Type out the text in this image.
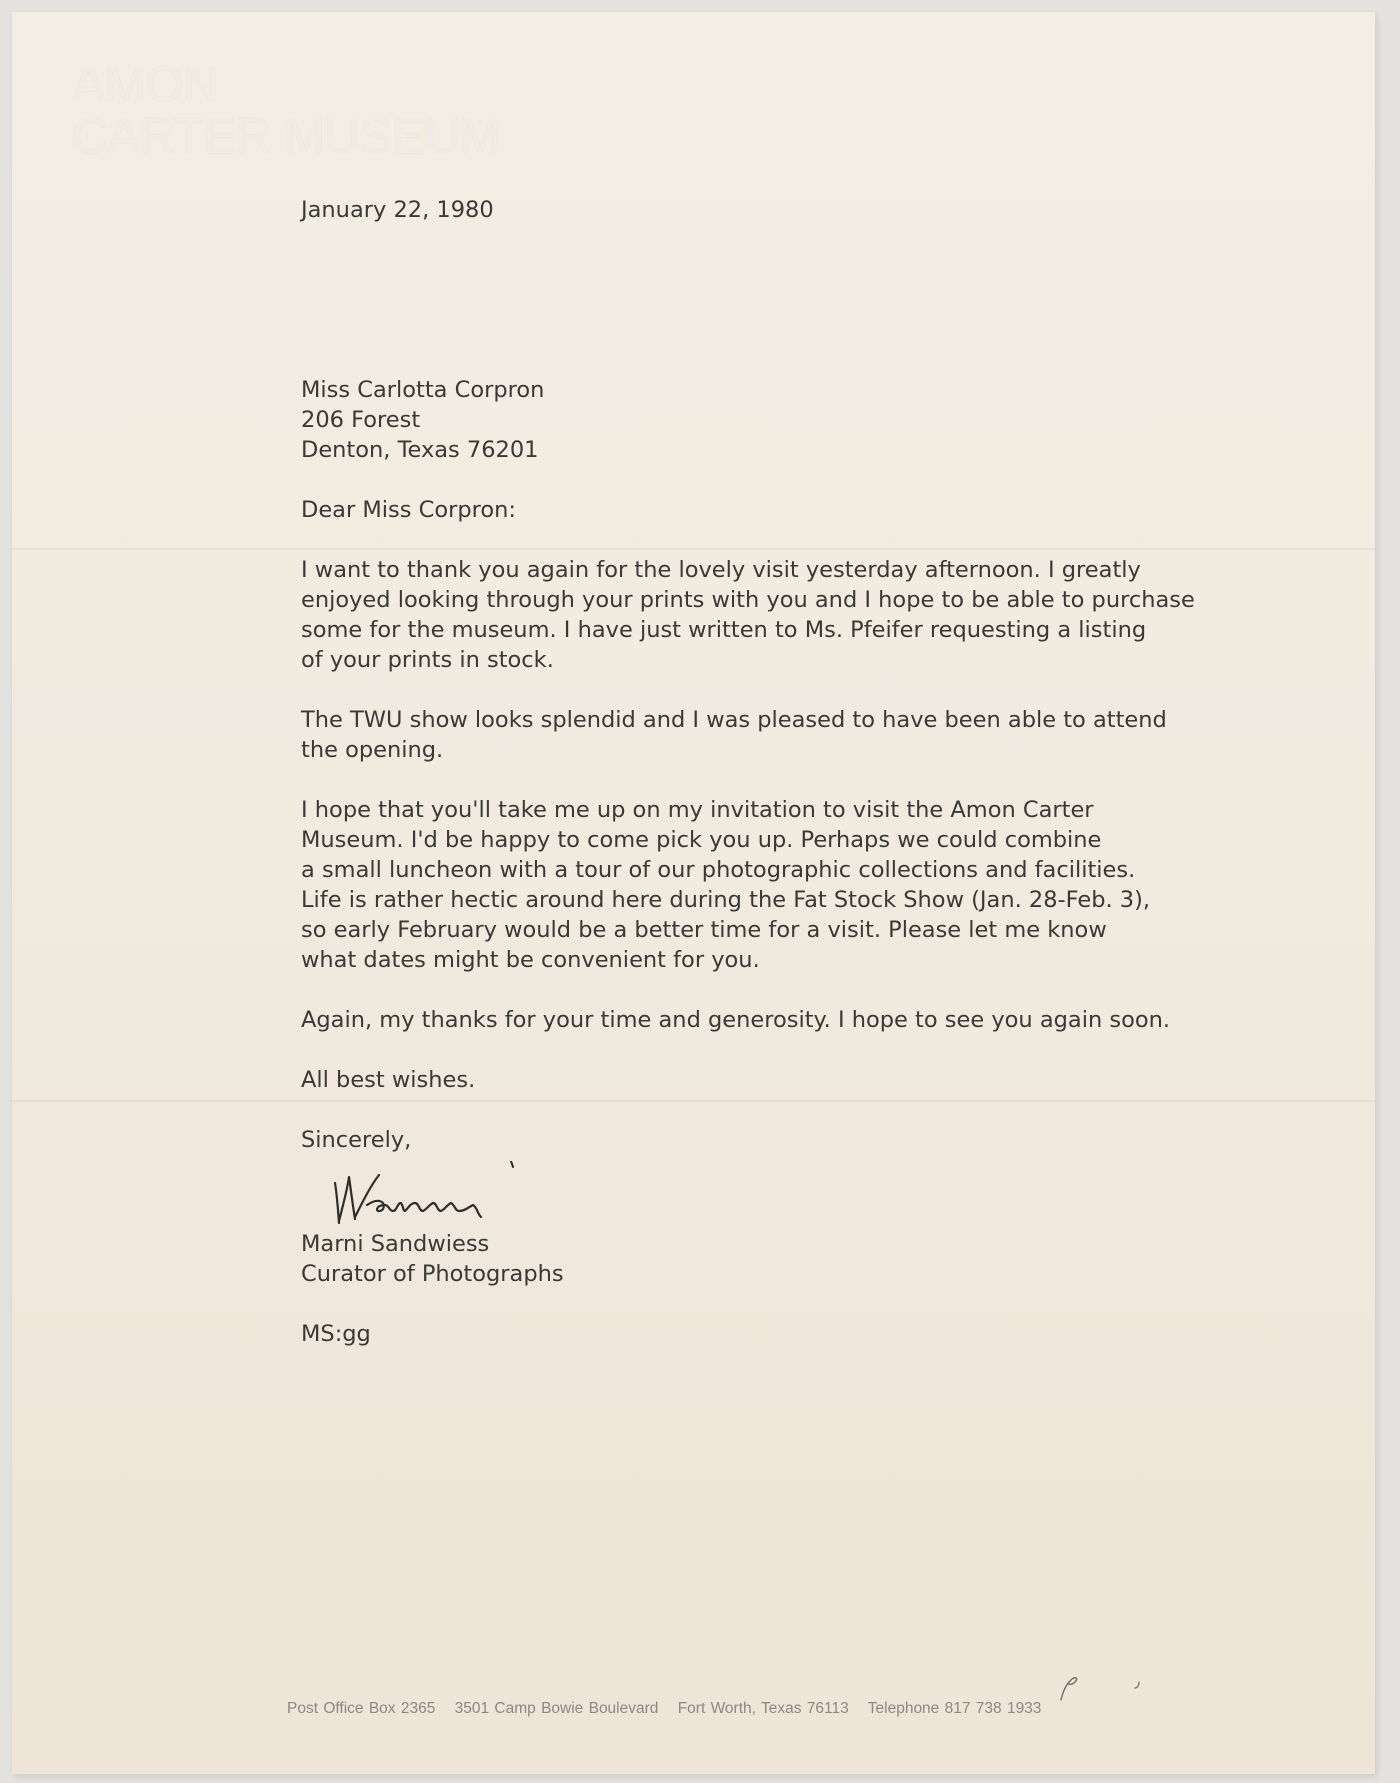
AMON
CARTER MUSEUM

January 22, 1980

Miss Carlotta Corpron
206 Forest
Denton, Texas 76201

Dear Miss Corpron:

I want to thank you again for the lovely visit yesterday afternoon. I greatly
enjoyed looking through your prints with you and I hope to be able to purchase
some for the museum. I have just written to Ms. Pfeifer requesting a listing
of your prints in stock.

The TWU show looks splendid and I was pleased to have been able to attend
the opening.

I hope that you'll take me up on my invitation to visit the Amon Carter
Museum. I'd be happy to come pick you up. Perhaps we could combine
a small luncheon with a tour of our photographic collections and facilities.
Life is rather hectic around here during the Fat Stock Show (Jan. 28-Feb. 3),
so early February would be a better time for a visit. Please let me know
what dates might be convenient for you.

Again, my thanks for your time and generosity. I hope to see you again soon.

All best wishes.

Sincerely,

Marni Sandwiess
Curator of Photographs

MS:gg

Post Office Box 2365 3501 Camp Bowie Boulevard Fort Worth, Texas 76113 Telephone 817 738 1933
